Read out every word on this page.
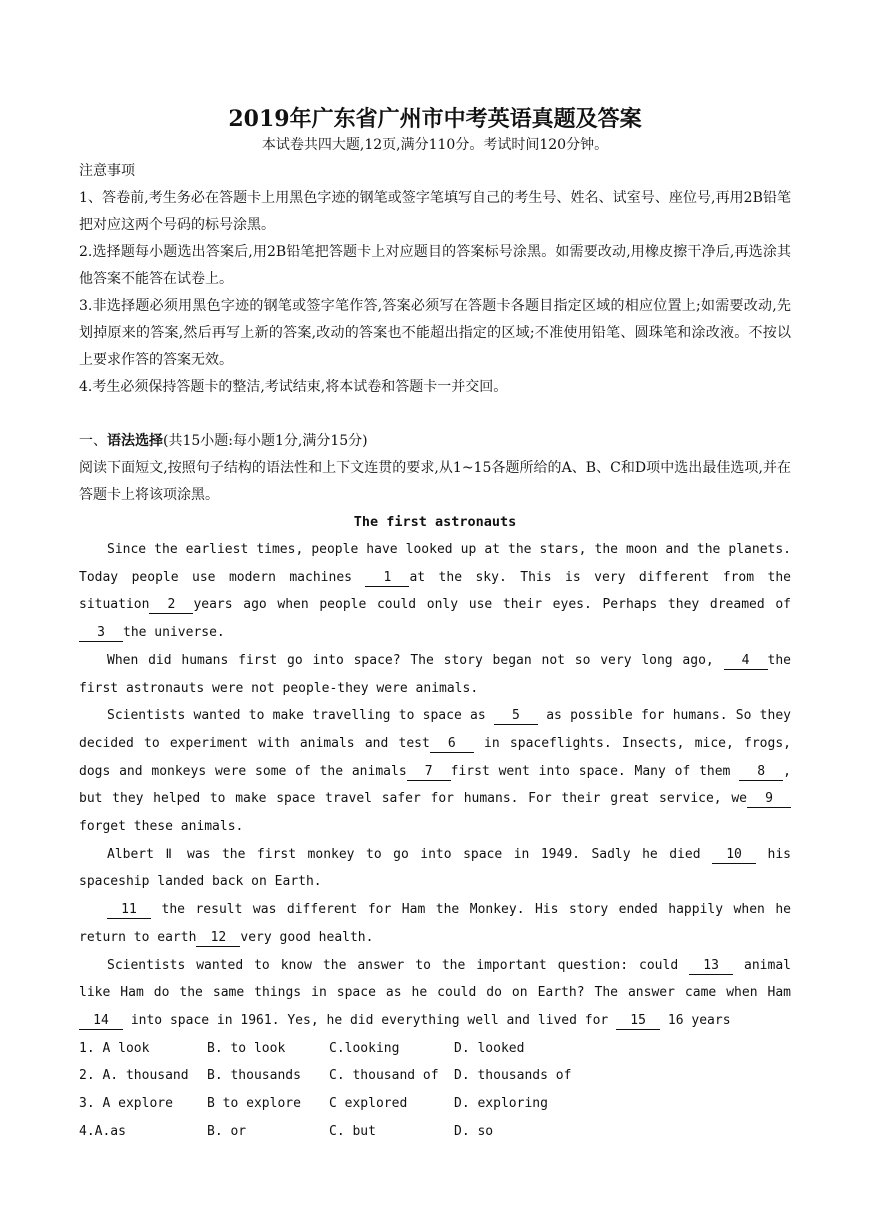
2019年广东省广州市中考英语真题及答案
本试卷共四大题,12页,满分110分。考试时间120分钟。

注意事项

1、答卷前,考生务必在答题卡上用黑色字迹的钢笔或签字笔填写自己的考生号、姓名、试室号、座位号,再用2B铅笔把对应这两个号码的标号涂黑。

2.选择题每小题选出答案后,用2B铅笔把答题卡上对应题目的答案标号涂黑。如需要改动,用橡皮擦干净后,再选涂其他答案不能答在试卷上。

3.非选择题必须用黑色字迹的钢笔或签字笔作答,答案必须写在答题卡各题目指定区域的相应位置上;如需要改动,先划掉原来的答案,然后再写上新的答案,改动的答案也不能超出指定的区域;不准使用铅笔、圆珠笔和涂改液。不按以上要求作答的答案无效。

4.考生必须保持答题卡的整洁,考试结束,将本试卷和答题卡一并交回。

一、语法选择(共15小题:每小题1分,满分15分)

阅读下面短文,按照句子结构的语法性和上下文连贯的要求,从1~15各题所给的A、B、C和D项中选出最佳选项,并在答题卡上将该项涂黑。

The first astronauts

Since the earliest times, people have looked up at the stars, the moon and the planets. Today people use modern machines 1 at the sky. This is very different from the situation 2 years ago when people could only use their eyes. Perhaps they dreamed of3 the universe.

When did humans first go into space? The story began not so very long ago, 4 the first astronauts were not people-they were animals.

Scientists wanted to make travelling to space as 5 as possible for humans. So they decided to experiment with animals and test 6 in spaceflights. Insects, mice, frogs, dogs and monkeys were some of the animals 7 first went into space. Many of them 8 , but they helped to make space travel safer for humans. For their great service, we 9forget these animals.

Albert Ⅱ was the first monkey to go into space in 1949. Sadly he died 10 his spaceship landed back on Earth.

11 the result was different for Ham the Monkey. His story ended happily when he return to earth 12 very good health.

Scientists wanted to know the answer to the important question: could 13 animal like Ham do the same things in space as he could do on Earth? The answer came when Ham 14 into space in 1961. Yes, he did everything well and lived for 15 16 years

1. A look	B. to look	C.looking	D. looked
2. A. thousand	B. thousands	C. thousand of	D. thousands of
3. A explore	B to explore	C explored	D. exploring
4.A.as	B. or	C. but	D. so
